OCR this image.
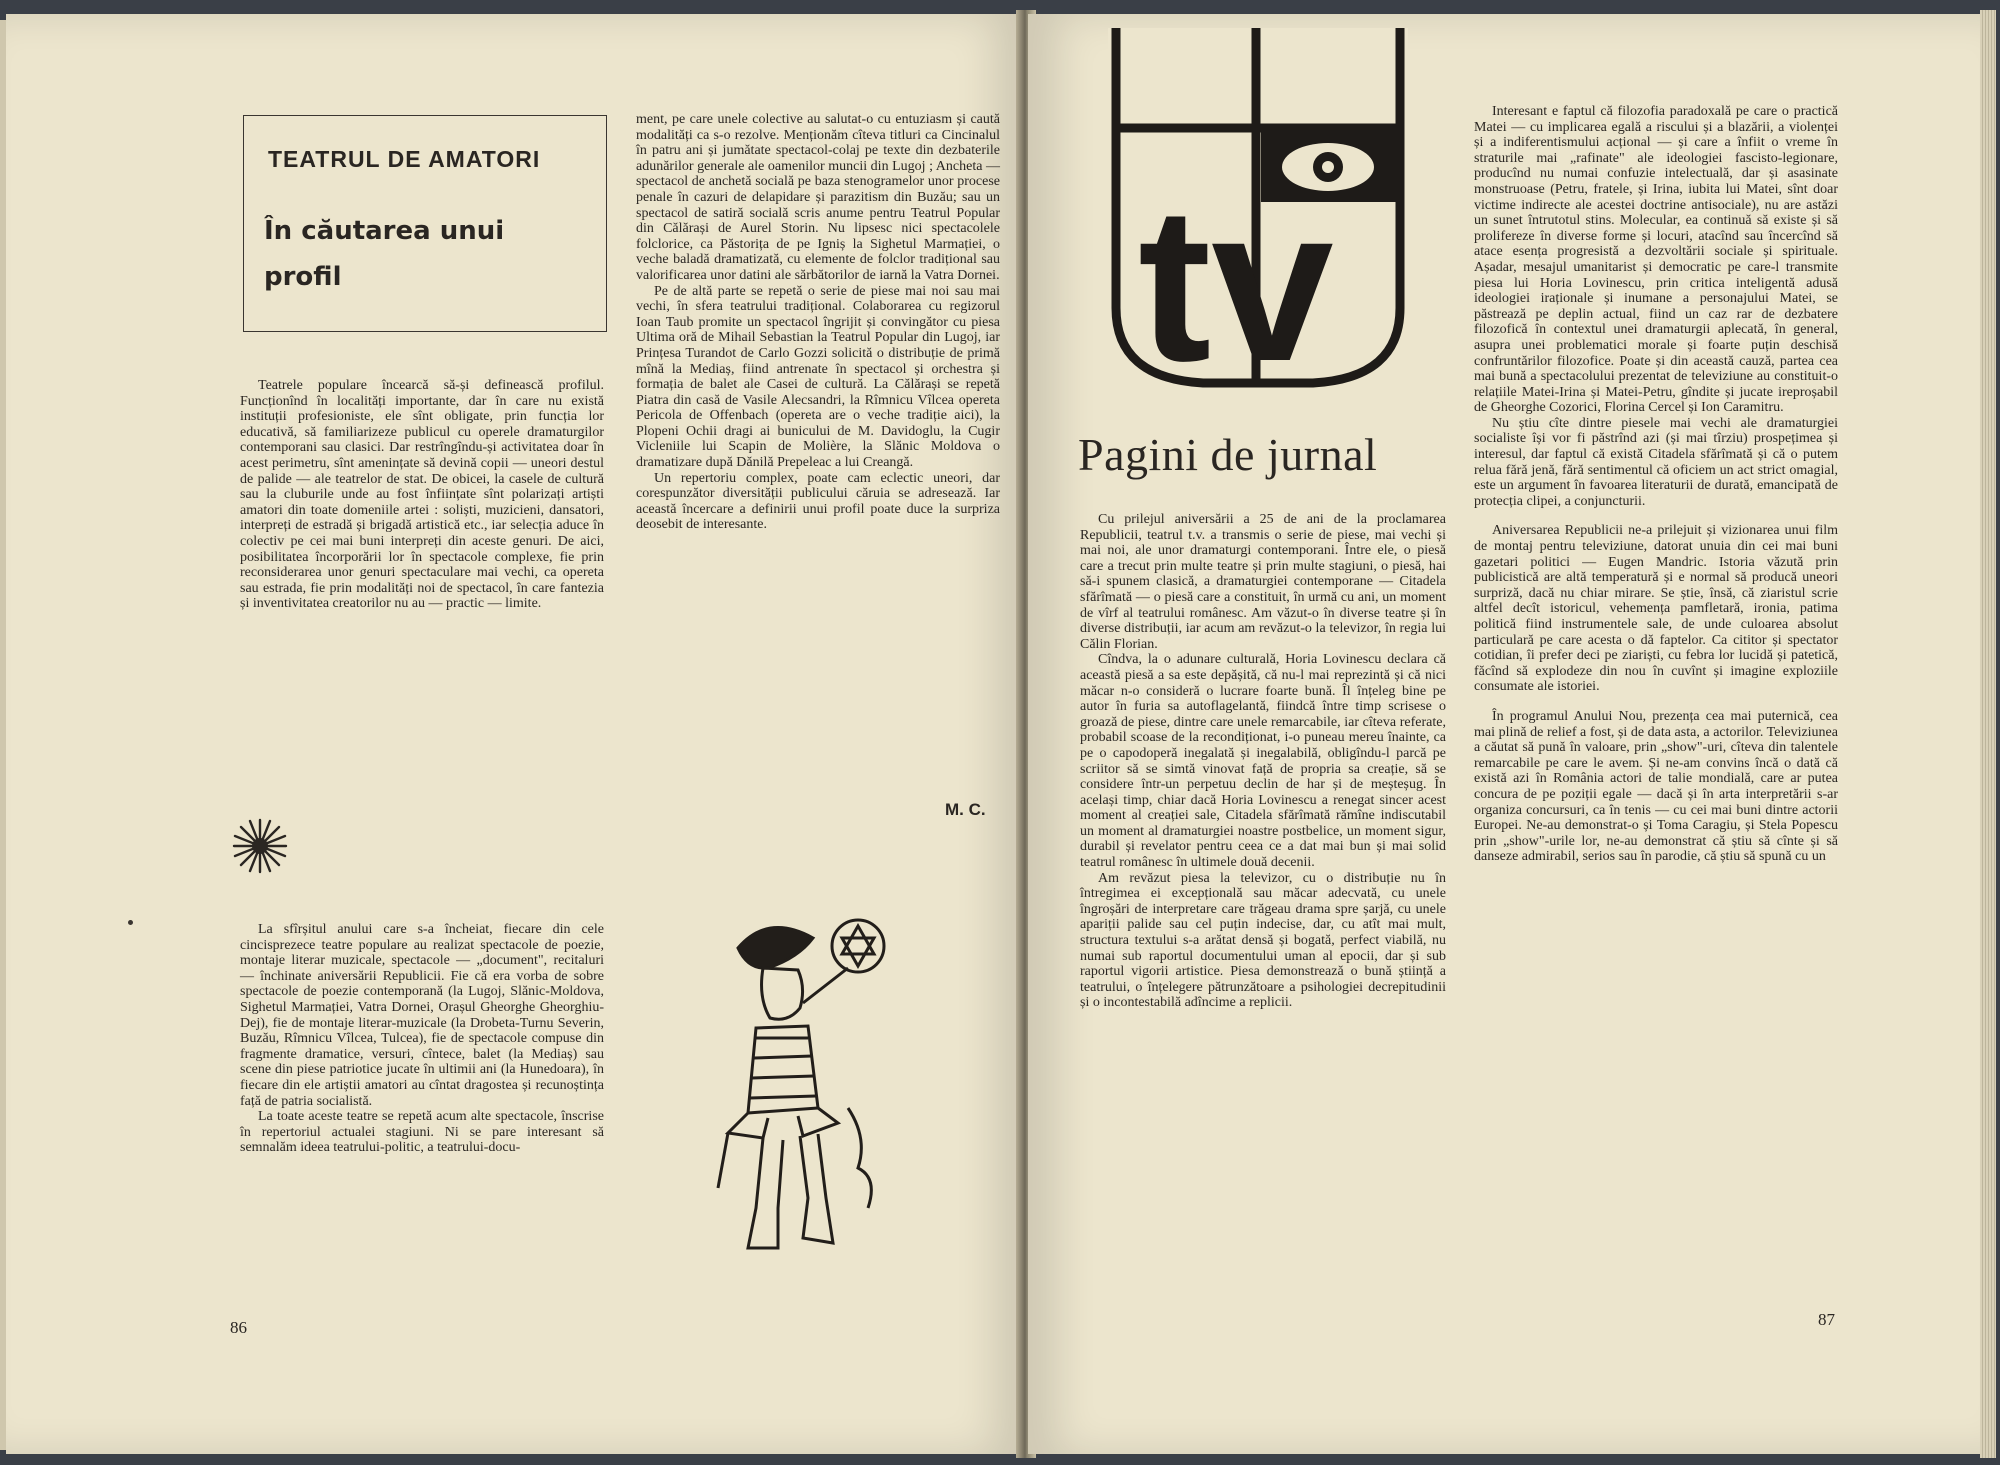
TEATRUL DE AMATORI
În căutarea unui profil

Teatrele populare încearcă să-și definească profilul. Funcționînd în localități importante, dar în care nu există instituții profesioniste, ele sînt obligate, prin funcția lor educativă, să familiarizeze publicul cu operele dramaturgilor contemporani sau clasici. Dar restrîngîndu-și activitatea doar în acest perimetru, sînt amenințate să devină copii — uneori destul de palide — ale teatrelor de stat. De obicei, la casele de cultură sau la cluburile unde au fost înființate sînt polarizați artiști amatori din toate domeniile artei : soliști, muzicieni, dansatori, interpreți de estradă și brigadă artistică etc., iar selecția aduce în colectiv pe cei mai buni interpreți din aceste genuri. De aici, posibilitatea încorporării lor în spectacole complexe, fie prin reconsiderarea unor genuri spectaculare mai vechi, ca opereta sau estrada, fie prin modalități noi de spectacol, în care fantezia și inventivitatea creatorilor nu au — practic — limite.

La sfîrșitul anului care s-a încheiat, fiecare din cele cincisprezece teatre populare au realizat spectacole de poezie, montaje literar muzicale, spectacole — „document", recitaluri — închinate aniversării Republicii. Fie că era vorba de sobre spectacole de poezie contemporană (la Lugoj, Slănic-Moldova, Sighetul Marmației, Vatra Dornei, Orașul Gheorghe Gheorghiu-Dej), fie de montaje literar-muzicale (la Drobeta-Turnu Severin, Buzău, Rîmnicu Vîlcea, Tulcea), fie de spectacole compuse din fragmente dramatice, versuri, cîntece, balet (la Mediaș) sau scene din piese patriotice jucate în ultimii ani (la Hunedoara), în fiecare din ele artiștii amatori au cîntat dragostea și recunoștința față de patria socialistă.

La toate aceste teatre se repetă acum alte spectacole, înscrise în repertoriul actualei stagiuni. Ni se pare interesant să semnalăm ideea teatrului-politic, a teatrului-docu-

ment, pe care unele colective au salutat-o cu entuziasm și caută modalități ca s-o rezolve. Menționăm cîteva titluri ca Cincinalul în patru ani și jumătate spectacol-colaj pe texte din dezbaterile adunărilor generale ale oamenilor muncii din Lugoj ; Ancheta — spectacol de anchetă socială pe baza stenogramelor unor procese penale în cazuri de delapidare și parazitism din Buzău; sau un spectacol de satiră socială scris anume pentru Teatrul Popular din Călărași de Aurel Storin. Nu lipsesc nici spectacolele folclorice, ca Păstorița de pe Igniș la Sighetul Marmației, o veche baladă dramatizată, cu elemente de folclor tradițional sau valorificarea unor datini ale sărbătorilor de iarnă la Vatra Dornei.

Pe de altă parte se repetă o serie de piese mai noi sau mai vechi, în sfera teatrului tradițional. Colaborarea cu regizorul Ioan Taub promite un spectacol îngrijit și convingător cu piesa Ultima oră de Mihail Sebastian la Teatrul Popular din Lugoj, iar Prințesa Turandot de Carlo Gozzi solicită o distribuție de primă mînă la Mediaș, fiind antrenate în spectacol și orchestra și formația de balet ale Casei de cultură. La Călărași se repetă Piatra din casă de Vasile Alecsandri, la Rîmnicu Vîlcea opereta Pericola de Offenbach (opereta are o veche tradiție aici), la Plopeni Ochii dragi ai bunicului de M. Davidoglu, la Cugir Vicleniile lui Scapin de Molière, la Slănic Moldova o dramatizare după Dănilă Prepeleac a lui Creangă.

Un repertoriu complex, poate cam eclectic uneori, dar corespunzător diversității publicului căruia se adresează. Iar această încercare a definirii unui profil poate duce la surpriza deosebit de interesante.

M. C.
86
tv
Pagini de jurnal

Cu prilejul aniversării a 25 de ani de la proclamarea Republicii, teatrul t.v. a transmis o serie de piese, mai vechi și mai noi, ale unor dramaturgi contemporani. Între ele, o piesă care a trecut prin multe teatre și prin multe stagiuni, o piesă, hai să-i spunem clasică, a dramaturgiei contemporane — Citadela sfărîmată — o piesă care a constituit, în urmă cu ani, un moment de vîrf al teatrului românesc. Am văzut-o în diverse teatre și în diverse distribuții, iar acum am revăzut-o la televizor, în regia lui Călin Florian.

Cîndva, la o adunare culturală, Horia Lovinescu declara că această piesă a sa este depășită, că nu-l mai reprezintă și că nici măcar n-o consideră o lucrare foarte bună. Îl înțeleg bine pe autor în furia sa autoflagelantă, fiindcă între timp scrisese o groază de piese, dintre care unele remarcabile, iar cîteva referate, probabil scoase de la recondiționat, i-o puneau mereu înainte, ca pe o capodoperă inegalată și inegalabilă, obligîndu-l parcă pe scriitor să se simtă vinovat față de propria sa creație, să se considere într-un perpetuu declin de har și de meșteșug. În același timp, chiar dacă Horia Lovinescu a renegat sincer acest moment al creației sale, Citadela sfărîmată rămîne indiscutabil un moment al dramaturgiei noastre postbelice, un moment sigur, durabil și revelator pentru ceea ce a dat mai bun și mai solid teatrul românesc în ultimele două decenii.

Am revăzut piesa la televizor, cu o distribuție nu în întregimea ei excepțională sau măcar adecvată, cu unele îngroșări de interpretare care trăgeau drama spre șarjă, cu unele apariții palide sau cel puțin indecise, dar, cu atît mai mult, structura textului s-a arătat densă și bogată, perfect viabilă, nu numai sub raportul documentului uman al epocii, dar și sub raportul vigorii artistice. Piesa demonstrează o bună știință a teatrului, o înțelegere pătrunzătoare a psihologiei decrepitudinii și o incontestabilă adîncime a replicii.

Interesant e faptul că filozofia paradoxală pe care o practică Matei — cu implicarea egală a riscului și a blazării, a violenței și a indiferentismului acțional — și care a înfiit o vreme în straturile mai „rafinate" ale ideologiei fascisto-legionare, producînd nu numai confuzie intelectuală, dar și asasinate monstruoase (Petru, fratele, și Irina, iubita lui Matei, sînt doar victime indirecte ale acestei doctrine antisociale), nu are astăzi un sunet întrutotul stins. Molecular, ea continuă să existe și să prolifereze în diverse forme și locuri, atacînd sau încercînd să atace esența progresistă a dezvoltării sociale și spirituale. Așadar, mesajul umanitarist și democratic pe care-l transmite piesa lui Horia Lovinescu, prin critica inteligentă adusă ideologiei iraționale și inumane a personajului Matei, se păstrează pe deplin actual, fiind un caz rar de dezbatere filozofică în contextul unei dramaturgii aplecată, în general, asupra unei problematici morale și foarte puțin deschisă confruntărilor filozofice. Poate și din această cauză, partea cea mai bună a spectacolului prezentat de televiziune au constituit-o relațiile Matei-Irina și Matei-Petru, gîndite și jucate ireproșabil de Gheorghe Cozorici, Florina Cercel și Ion Caramitru.

Nu știu cîte dintre piesele mai vechi ale dramaturgiei socialiste își vor fi păstrînd azi (și mai tîrziu) prospețimea și interesul, dar faptul că există Citadela sfărîmată și că o putem relua fără jenă, fără sentimentul că oficiem un act strict omagial, este un argument în favoarea literaturii de durată, emancipată de protecția clipei, a conjuncturii.

Aniversarea Republicii ne-a prilejuit și vizionarea unui film de montaj pentru televiziune, datorat unuia din cei mai buni gazetari politici — Eugen Mandric. Istoria văzută prin publicistică are altă temperatură și e normal să producă uneori surpriză, dacă nu chiar mirare. Se știe, însă, că ziaristul scrie altfel decît istoricul, vehemența pamfletară, ironia, patima politică fiind instrumentele sale, de unde culoarea absolut particulară pe care acesta o dă faptelor. Ca cititor și spectator cotidian, îi prefer deci pe ziariști, cu febra lor lucidă și patetică, făcînd să explodeze din nou în cuvînt și imagine exploziile consumate ale istoriei.

În programul Anului Nou, prezența cea mai puternică, cea mai plină de relief a fost, și de data asta, a actorilor. Televiziunea a căutat să pună în valoare, prin „show"-uri, cîteva din talentele remarcabile pe care le avem. Și ne-am convins încă o dată că există azi în România actori de talie mondială, care ar putea concura de pe poziții egale — dacă și în arta interpretării s-ar organiza concursuri, ca în tenis — cu cei mai buni dintre actorii Europei. Ne-au demonstrat-o și Toma Caragiu, și Stela Popescu prin „show"-urile lor, ne-au demonstrat că știu să cînte și să danseze admirabil, serios sau în parodie, că știu să spună cu un

87
